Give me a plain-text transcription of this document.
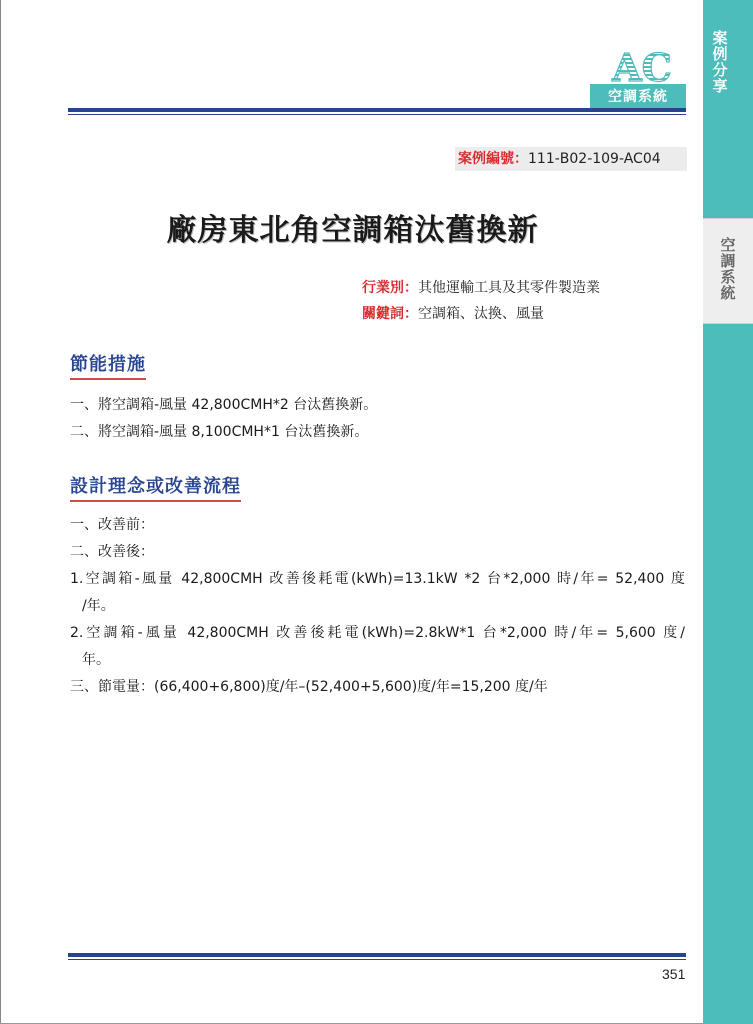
案例分享
空調系統
AC
空調系統
案例編號：111-B02-109-AC04
廠房東北角空調箱汰舊換新
行業別：其他運輸工具及其零件製造業
關鍵詞：空調箱、汰換、風量
節能措施
一、將空調箱-風量 42,800CMH*2 台汰舊換新。
二、將空調箱-風量 8,100CMH*1 台汰舊換新。
設計理念或改善流程
一、改善前：
二、改善後：
1.空調箱-風量 42,800CMH 改善後耗電(kWh)=13.1kW *2 台*2,000 時/年= 52,400 度
/年。
2.空調箱-風量 42,800CMH 改善後耗電(kWh)=2.8kW*1 台*2,000 時/年= 5,600 度/
年。
三、節電量：(66,400+6,800)度/年–(52,400+5,600)度/年=15,200 度/年
351
